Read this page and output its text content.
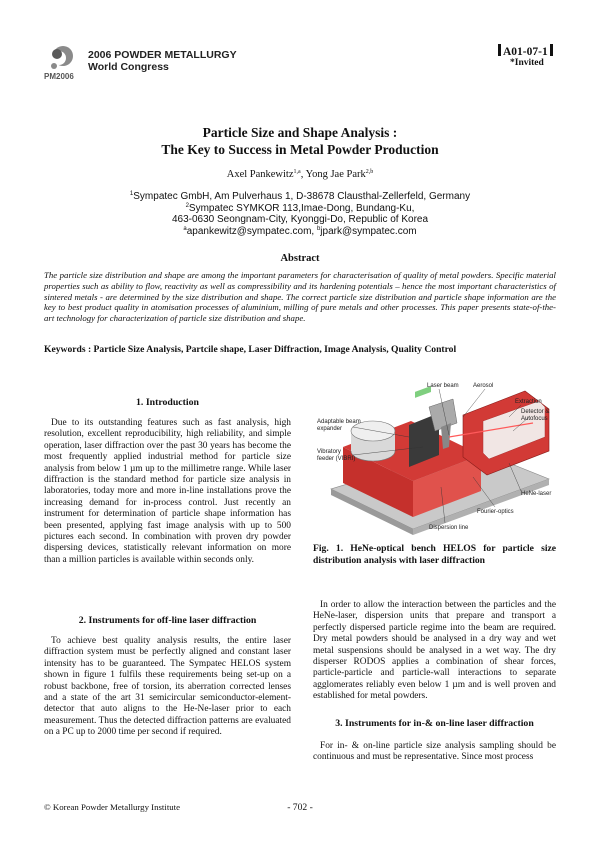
PM2006
2006 POWDER METALLURGY
World Congress
A01-07-1
*Invited
Particle Size and Shape Analysis :
The Key to Success in Metal Powder Production
Axel Pankewitz$^{1,a}$, Yong Jae Park$^{2,b}$
$^1$Sympatec GmbH, Am Pulverhaus 1, D-38678 Clausthal-Zellerfeld, Germany
$^2$Sympatec SYMKOR 113,Imae-Dong, Bundang-Ku,
463-0630 Seongnam-City, Kyonggi-Do, Republic of Korea
$^a$apankewitz@sympatec.com, $^b$jpark@sympatec.com
Abstract
The particle size distribution and shape are among the important parameters for characterisation of quality of metal powders. Specific material properties such as ability to flow, reactivity as well as compressibility and its hardening potentials – hence the most important characteristics of sintered metals - are determined by the size distribution and shape. The correct particle size distribution and particle shape information are the key to best product quality in atomisation processes of aluminium, milling of pure metals and other processes. This paper presents state-of-the-art technology for characterization of particle size distribution and shape.
Keywords : Particle Size Analysis, Partcile shape, Laser Diffraction, Image Analysis, Quality Control
1. Introduction
Due to its outstanding features such as fast analysis, high resolution, excellent reproducibility, high reliability, and simple operation, laser diffraction over the past 30 years has become the most frequently applied industrial method for particle size analysis from below 1 µm up to the millimetre range. While laser diffraction is the standard method for particle size analysis in laboratories, today more and more in-line installations prove the increasing demand for in-process control. Just recently an instrument for determination of particle shape information has been presented, applying fast image analysis with up to 500 pictures each second. In combination with proven dry powder dispersing devices, statistically relevant information on more than a million particles is available within seconds only.
2. Instruments for off-line laser diffraction
To achieve best quality analysis results, the entire laser diffraction system must be perfectly aligned and constant laser intensity has to be guaranteed. The Sympatec HELOS system shown in figure 1 fulfils these requirements being set-up on a robust backbone, free of torsion, its aberration corrected lenses and a state of the art 31 semicircular semiconductor-element-detector that auto aligns to the He-Ne-laser prior to each measurement. Thus the detected diffraction patterns are evaluated on a PC up to 2000 time per second if required.
Laser beam Aerosol
Extraction
Detector &
Autofocus
Adaptable beam
expander
Vibratory
feeder (VIBRI)
HeNe-laser
Fourier-optics
Dispersion line
Fig. 1. HeNe-optical bench HELOS for particle size distribution analysis with laser diffraction
In order to allow the interaction between the particles and the HeNe-laser, dispersion units that prepare and transport a perfectly dispersed particle regime into the beam are required. Dry metal powders should be analysed in a dry way and wet metal suspensions should be analysed in a wet way. The dry disperser RODOS applies a combination of shear forces, particle-particle and particle-wall interactions to separate agglomerates reliably even below 1 µm and is well proven and established for metal powders.
3. Instruments for in-& on-line laser diffraction
For in- & on-line particle size analysis sampling should be continuous and must be representative. Since most process
© Korean Powder Metallurgy Institute	- 702 -
